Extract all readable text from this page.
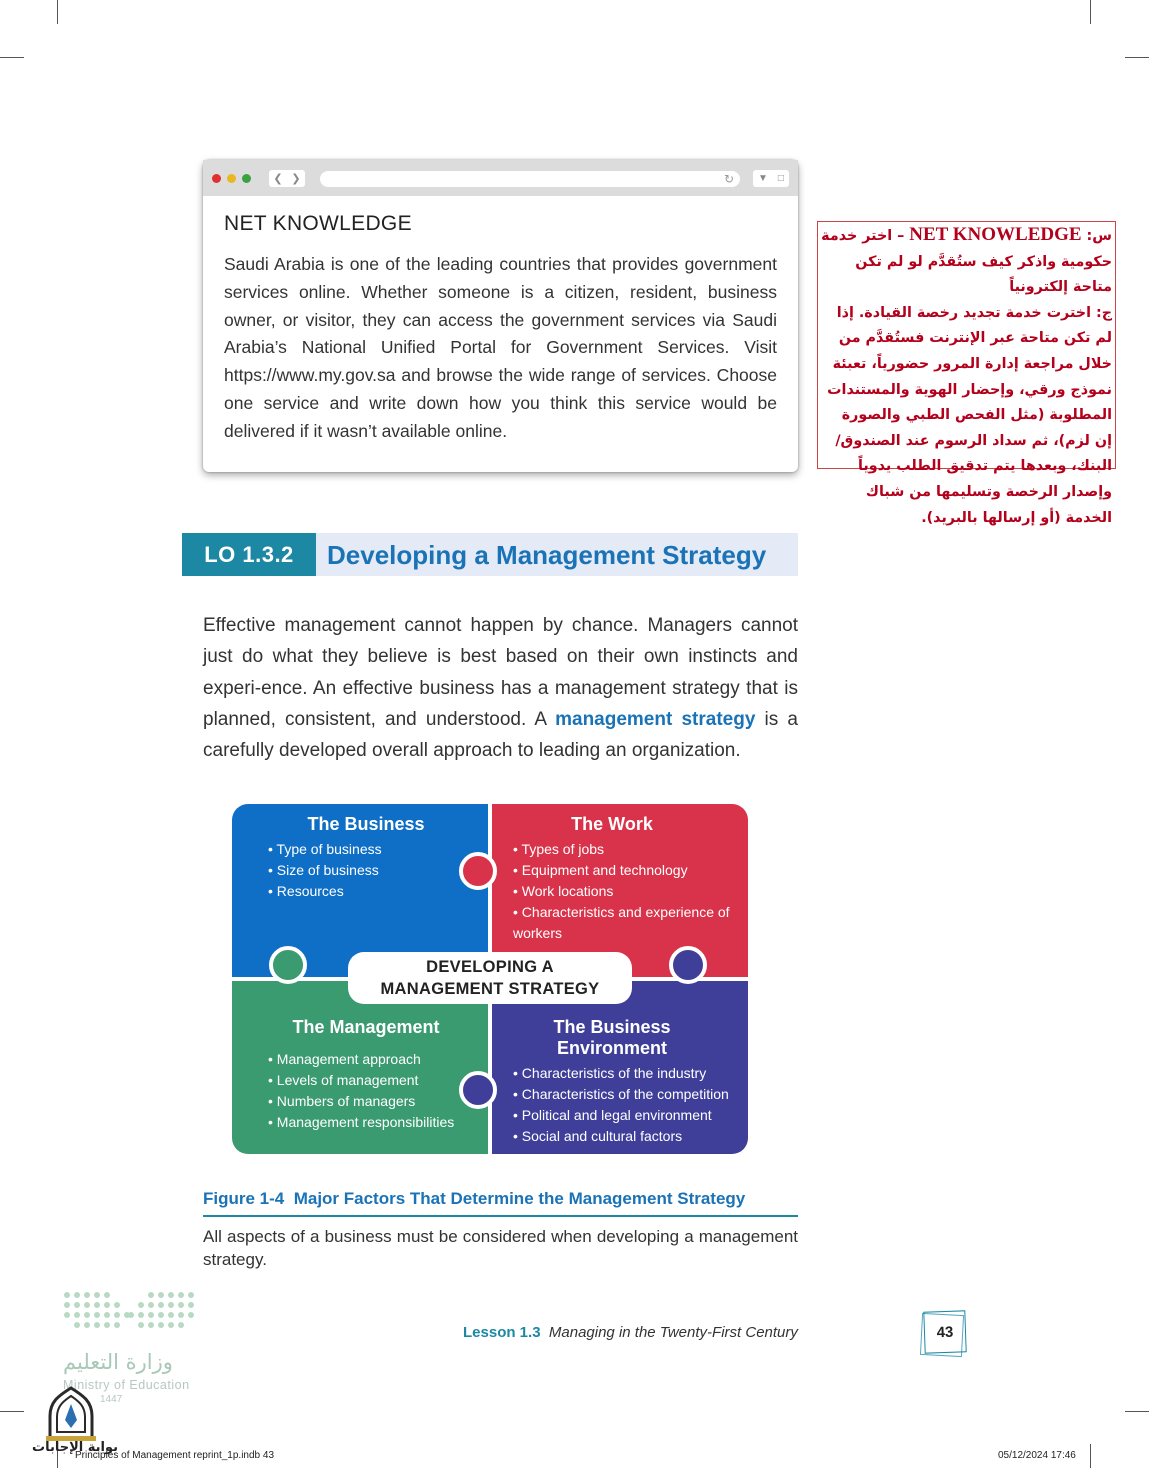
❮ ❯	↻ ▼ □
NET KNOWLEDGE
Saudi Arabia is one of the leading countries that provides government services online. Whether someone is a citizen, resident, business owner, or visitor, they can access the government services via Saudi Arabia’s National Unified Portal for Government Services. Visit https://www.my.gov.sa and browse the wide range of services. Choose one service and write down how you think this service would be delivered if it wasn’t available online.
س: NET KNOWLEDGE – اختر خدمة حكومية واذكر كيف ستُقدَّم لو لم تكن متاحة إلكترونياً
ج: اخترت خدمة تجديد رخصة القيادة. إذا لم تكن متاحة عبر الإنترنت فستُقدَّم من خلال مراجعة إدارة المرور حضورياً، تعبئة نموذج ورقي، وإحضار الهوية والمستندات المطلوبة (مثل الفحص الطبي والصورة إن لزم)، ثم سداد الرسوم عند الصندوق/البنك، وبعدها يتم تدقيق الطلب يدوياً وإصدار الرخصة وتسليمها من شباك الخدمة (أو إرسالها بالبريد).
LO 1.3.2	Developing a Management Strategy
Effective management cannot happen by chance. Managers cannot just do what they believe is best based on their own instincts and experi-ence. An effective business has a management strategy that is planned, consistent, and understood. A management strategy is a carefully developed overall approach to leading an organization.
The Business
• Type of business
• Size of business
• Resources
The Work
• Types of jobs
• Equipment and technology
• Work locations
• Characteristics and experience of workers
The Management
• Management approach
• Levels of management
• Numbers of managers
• Management responsibilities
The Business Environment
• Characteristics of the industry
• Characteristics of the competition
• Political and legal environment
• Social and cultural factors
DEVELOPING A
MANAGEMENT STRATEGY
Figure 1-4 Major Factors That Determine the Management Strategy
All aspects of a business must be considered when developing a management strategy.
وزارة التعليم
Ministry of Education
1447
Lesson 1.3 Managing in the Twenty-First Century	43
بوابة الإجابات
Principles of Management reprint_1p.indb 43	05/12/2024 17:46
